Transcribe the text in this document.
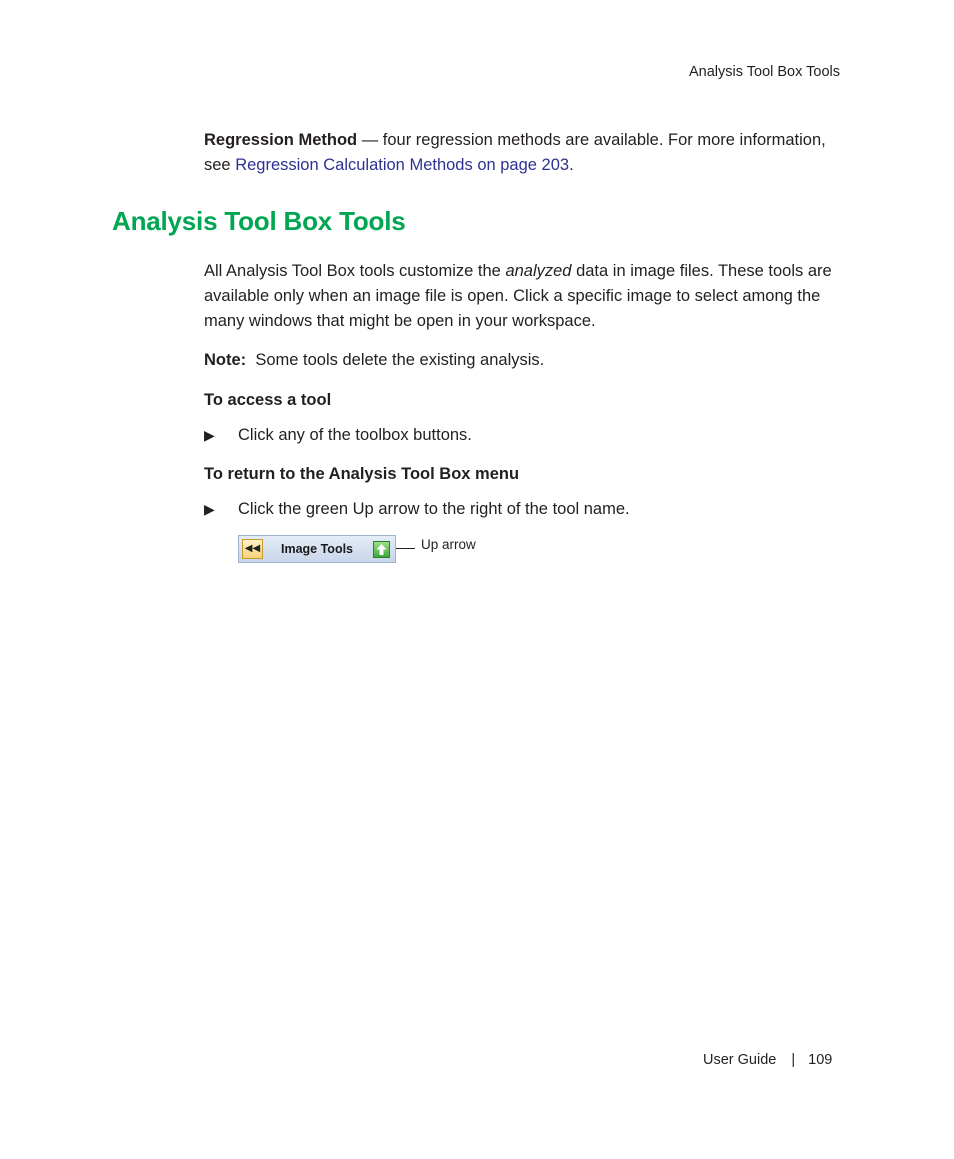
Analysis Tool Box Tools

Regression Method — four regression methods are available. For more information, see Regression Calculation Methods on page 203.

Analysis Tool Box Tools

All Analysis Tool Box tools customize the analyzed data in image files. These tools are available only when an image file is open. Click a specific image to select among the many windows that might be open in your workspace.

Note:  Some tools delete the existing analysis.

To access a tool
▶ Click any of the toolbox buttons.
To return to the Analysis Tool Box menu
▶ Click the green Up arrow to the right of the tool name.
◀◀ Image Tools	Up arrow
User Guide | 109
